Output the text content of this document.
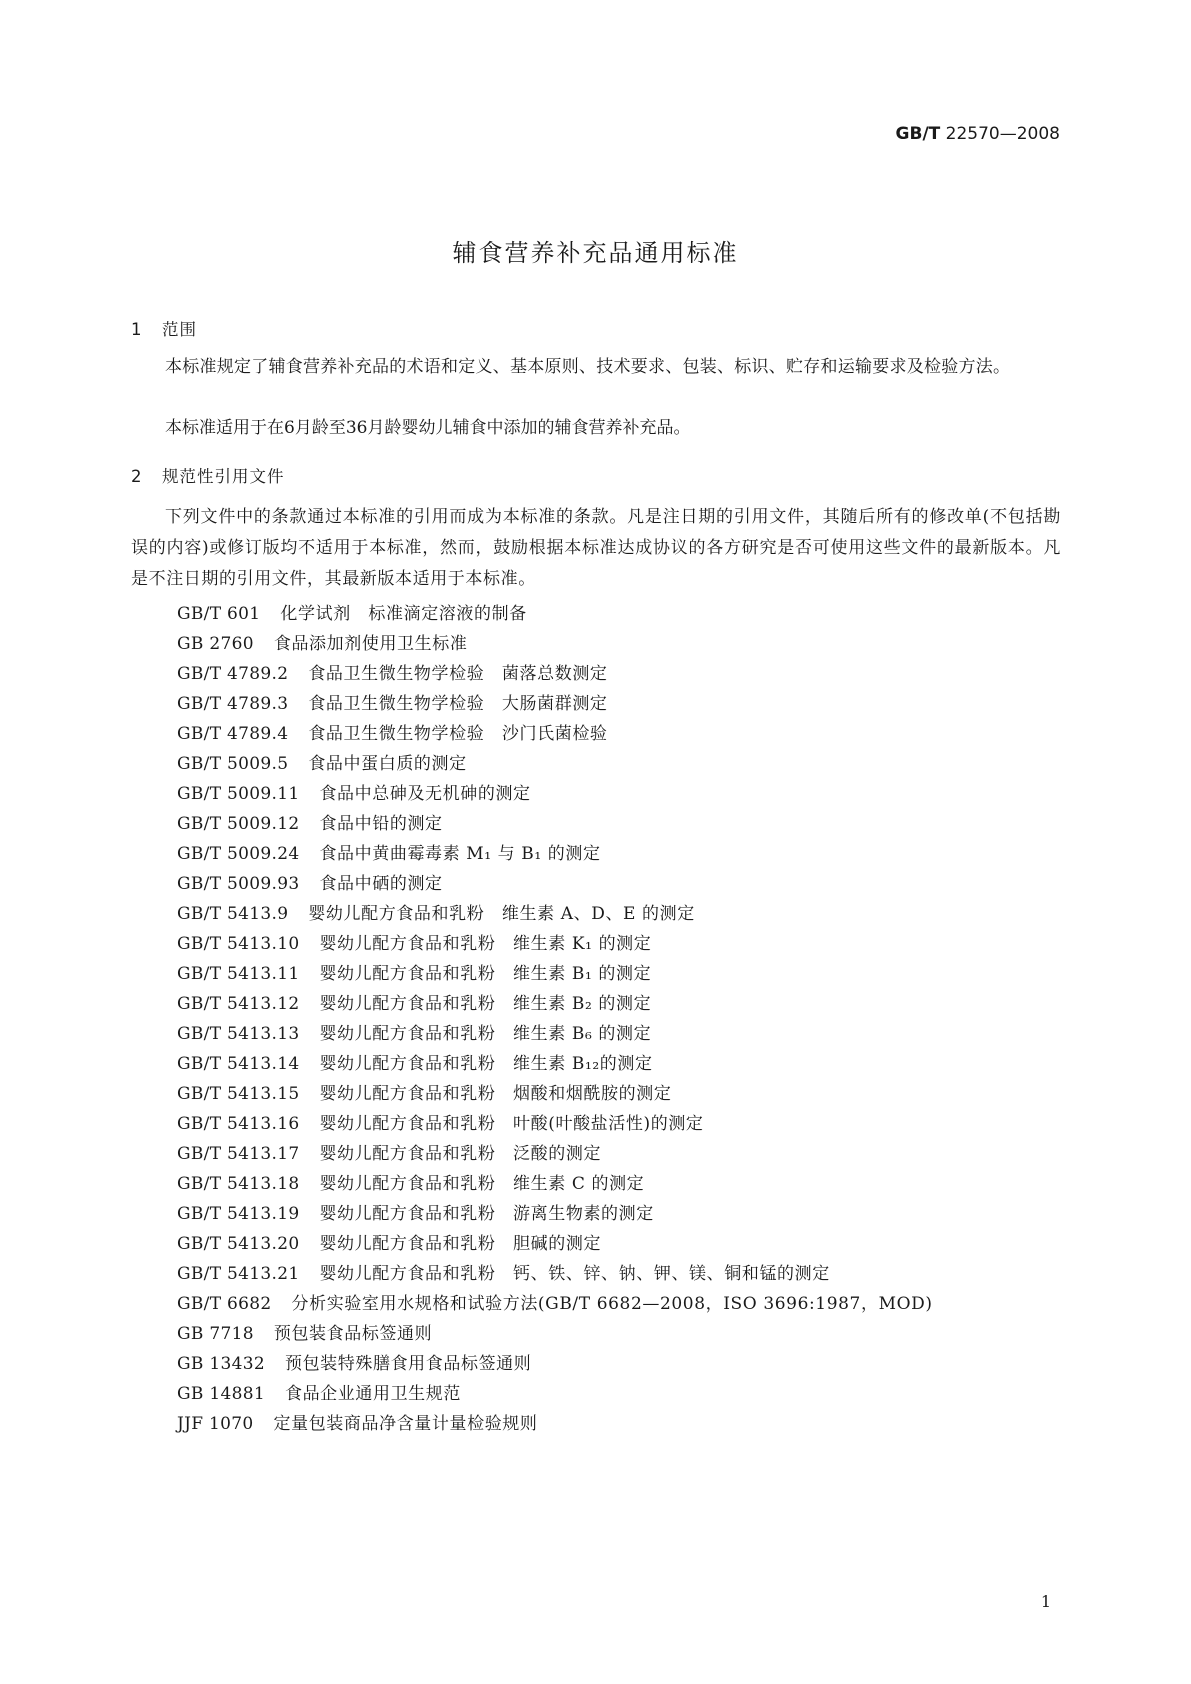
GB/T 22570—2008
辅食营养补充品通用标准
1 范围

本标准规定了辅食营养补充品的术语和定义、基本原则、技术要求、包装、标识、贮存和运输要求及检验方法。

本标准适用于在6月龄至36月龄婴幼儿辅食中添加的辅食营养补充品。

2 规范性引用文件

下列文件中的条款通过本标准的引用而成为本标准的条款。凡是注日期的引用文件，其随后所有的修改单(不包括勘误的内容)或修订版均不适用于本标准，然而，鼓励根据本标准达成协议的各方研究是否可使用这些文件的最新版本。凡是不注日期的引用文件，其最新版本适用于本标准。

GB/T 601 化学试剂　标准滴定溶液的制备
GB 2760 食品添加剂使用卫生标准
GB/T 4789.2 食品卫生微生物学检验　菌落总数测定
GB/T 4789.3 食品卫生微生物学检验　大肠菌群测定
GB/T 4789.4 食品卫生微生物学检验　沙门氏菌检验
GB/T 5009.5 食品中蛋白质的测定
GB/T 5009.11 食品中总砷及无机砷的测定
GB/T 5009.12 食品中铅的测定
GB/T 5009.24 食品中黄曲霉毒素 M₁ 与 B₁ 的测定
GB/T 5009.93 食品中硒的测定
GB/T 5413.9 婴幼儿配方食品和乳粉　维生素 A、D、E 的测定
GB/T 5413.10 婴幼儿配方食品和乳粉　维生素 K₁ 的测定
GB/T 5413.11 婴幼儿配方食品和乳粉　维生素 B₁ 的测定
GB/T 5413.12 婴幼儿配方食品和乳粉　维生素 B₂ 的测定
GB/T 5413.13 婴幼儿配方食品和乳粉　维生素 B₆ 的测定
GB/T 5413.14 婴幼儿配方食品和乳粉　维生素 B₁₂的测定
GB/T 5413.15 婴幼儿配方食品和乳粉　烟酸和烟酰胺的测定
GB/T 5413.16 婴幼儿配方食品和乳粉　叶酸(叶酸盐活性)的测定
GB/T 5413.17 婴幼儿配方食品和乳粉　泛酸的测定
GB/T 5413.18 婴幼儿配方食品和乳粉　维生素 C 的测定
GB/T 5413.19 婴幼儿配方食品和乳粉　游离生物素的测定
GB/T 5413.20 婴幼儿配方食品和乳粉　胆碱的测定
GB/T 5413.21 婴幼儿配方食品和乳粉　钙、铁、锌、钠、钾、镁、铜和锰的测定
GB/T 6682 分析实验室用水规格和试验方法(GB/T 6682—2008，ISO 3696:1987，MOD)
GB 7718 预包装食品标签通则
GB 13432 预包装特殊膳食用食品标签通则
GB 14881 食品企业通用卫生规范
JJF 1070 定量包装商品净含量计量检验规则
1
